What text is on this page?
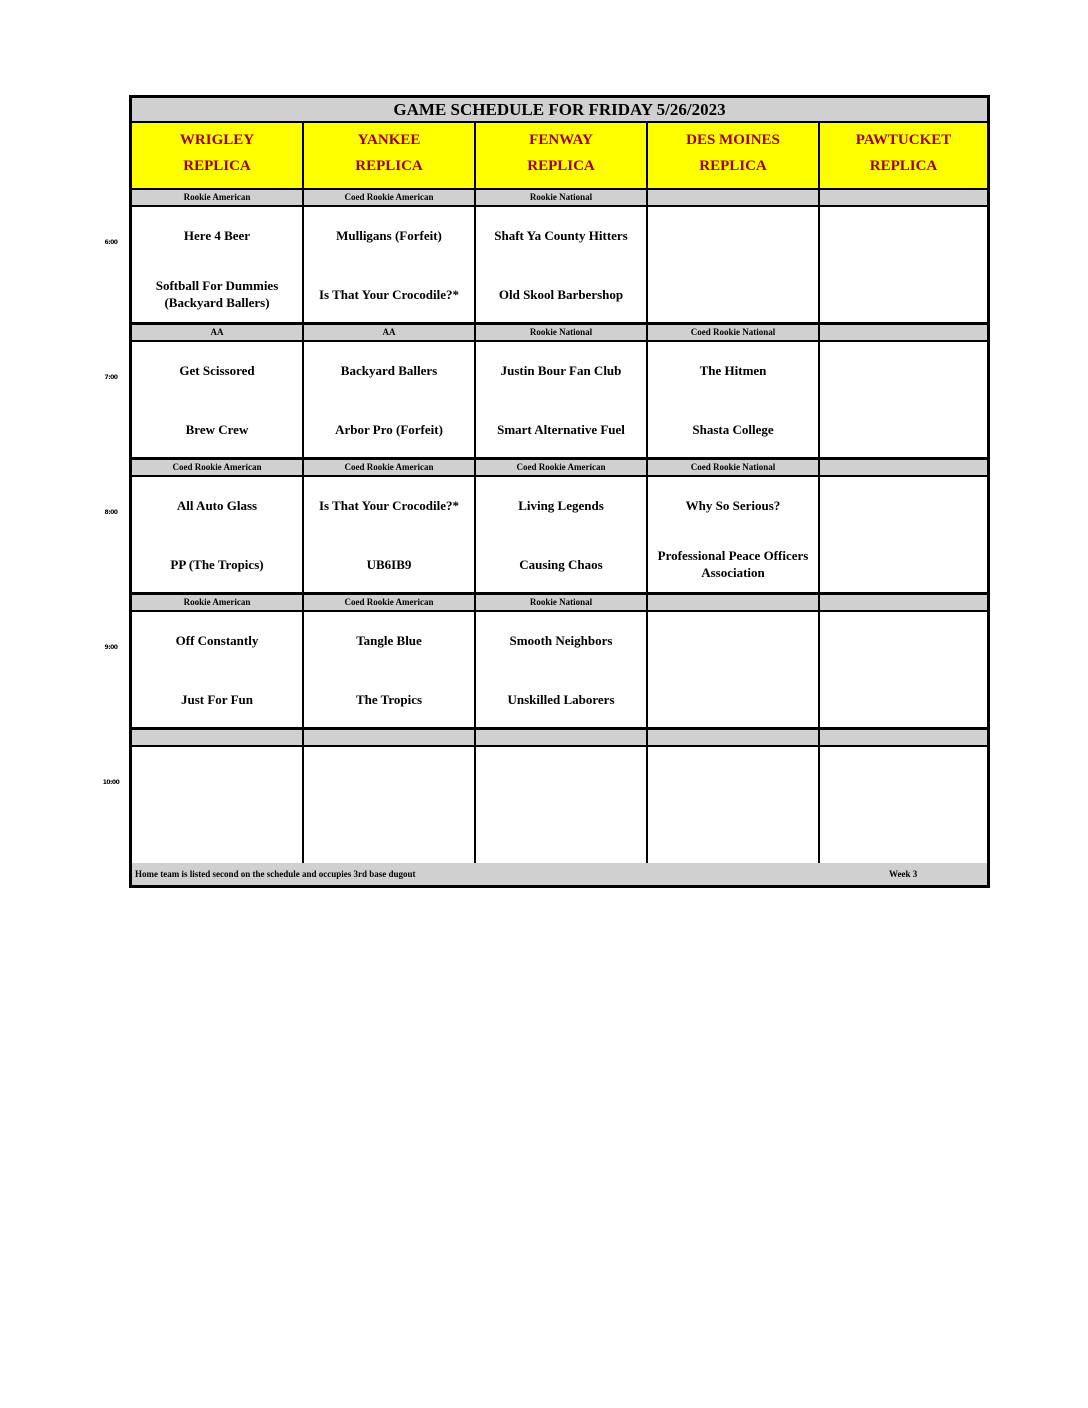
GAME SCHEDULE FOR FRIDAY 5/26/2023
WRIGLEY
REPLICA
YANKEE
REPLICA
FENWAY
REPLICA
DES MOINES
REPLICA
PAWTUCKET
REPLICA
Rookie American
Here 4 Beer
Softball For Dummies (Backyard Ballers)
Coed Rookie American
Mulligans (Forfeit)
Is That Your Crocodile?*
Rookie National
Shaft Ya County Hitters
Old Skool Barbershop
AA
Get Scissored
Brew Crew
AA
Backyard Ballers
Arbor Pro (Forfeit)
Rookie National
Justin Bour Fan Club
Smart Alternative Fuel
Coed Rookie National
The Hitmen
Shasta College
Coed Rookie American
All Auto Glass
PP (The Tropics)
Coed Rookie American
Is That Your Crocodile?*
UB6IB9
Coed Rookie American
Living Legends
Causing Chaos
Coed Rookie National
Why So Serious?
Professional Peace Officers Association
Rookie American
Off Constantly
Just For Fun
Coed Rookie American
Tangle Blue
The Tropics
Rookie National
Smooth Neighbors
Unskilled Laborers
Home team is listed second on the schedule and occupies 3rd base dugout	Week 3
6:00
7:00
8:00
9:00
10:00
